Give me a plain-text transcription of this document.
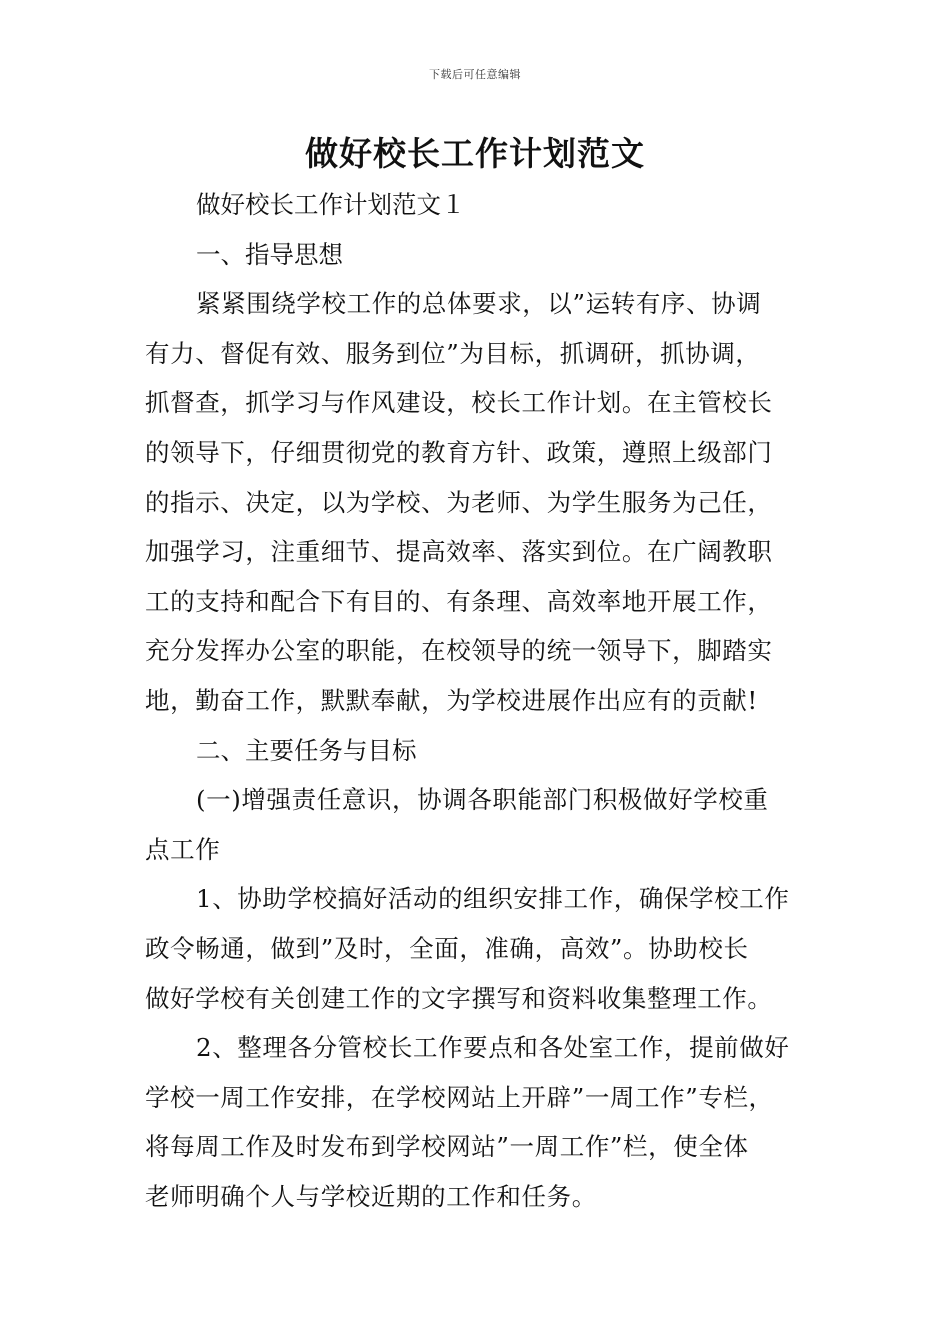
下载后可任意编辑
做好校长工作计划范文

做好校长工作计划范文１

一、指导思想

紧紧围绕学校工作的总体要求，以”运转有序、协调
有力、督促有效、服务到位”为目标，抓调研，抓协调，
抓督查，抓学习与作风建设，校长工作计划。在主管校长
的领导下，仔细贯彻党的教育方针、政策，遵照上级部门
的指示、决定，以为学校、为老师、为学生服务为己任，
加强学习，注重细节、提高效率、落实到位。在广阔教职
工的支持和配合下有目的、有条理、高效率地开展工作，
充分发挥办公室的职能，在校领导的统一领导下，脚踏实
地，勤奋工作，默默奉献，为学校进展作出应有的贡献!

二、主要任务与目标

(一)增强责任意识，协调各职能部门积极做好学校重
点工作

1、协助学校搞好活动的组织安排工作，确保学校工作
政令畅通，做到”及时，全面，准确，高效”。协助校长
做好学校有关创建工作的文字撰写和资料收集整理工作。

2、整理各分管校长工作要点和各处室工作，提前做好
学校一周工作安排，在学校网站上开辟”一周工作”专栏，
将每周工作及时发布到学校网站”一周工作”栏，使全体
老师明确个人与学校近期的工作和任务。
